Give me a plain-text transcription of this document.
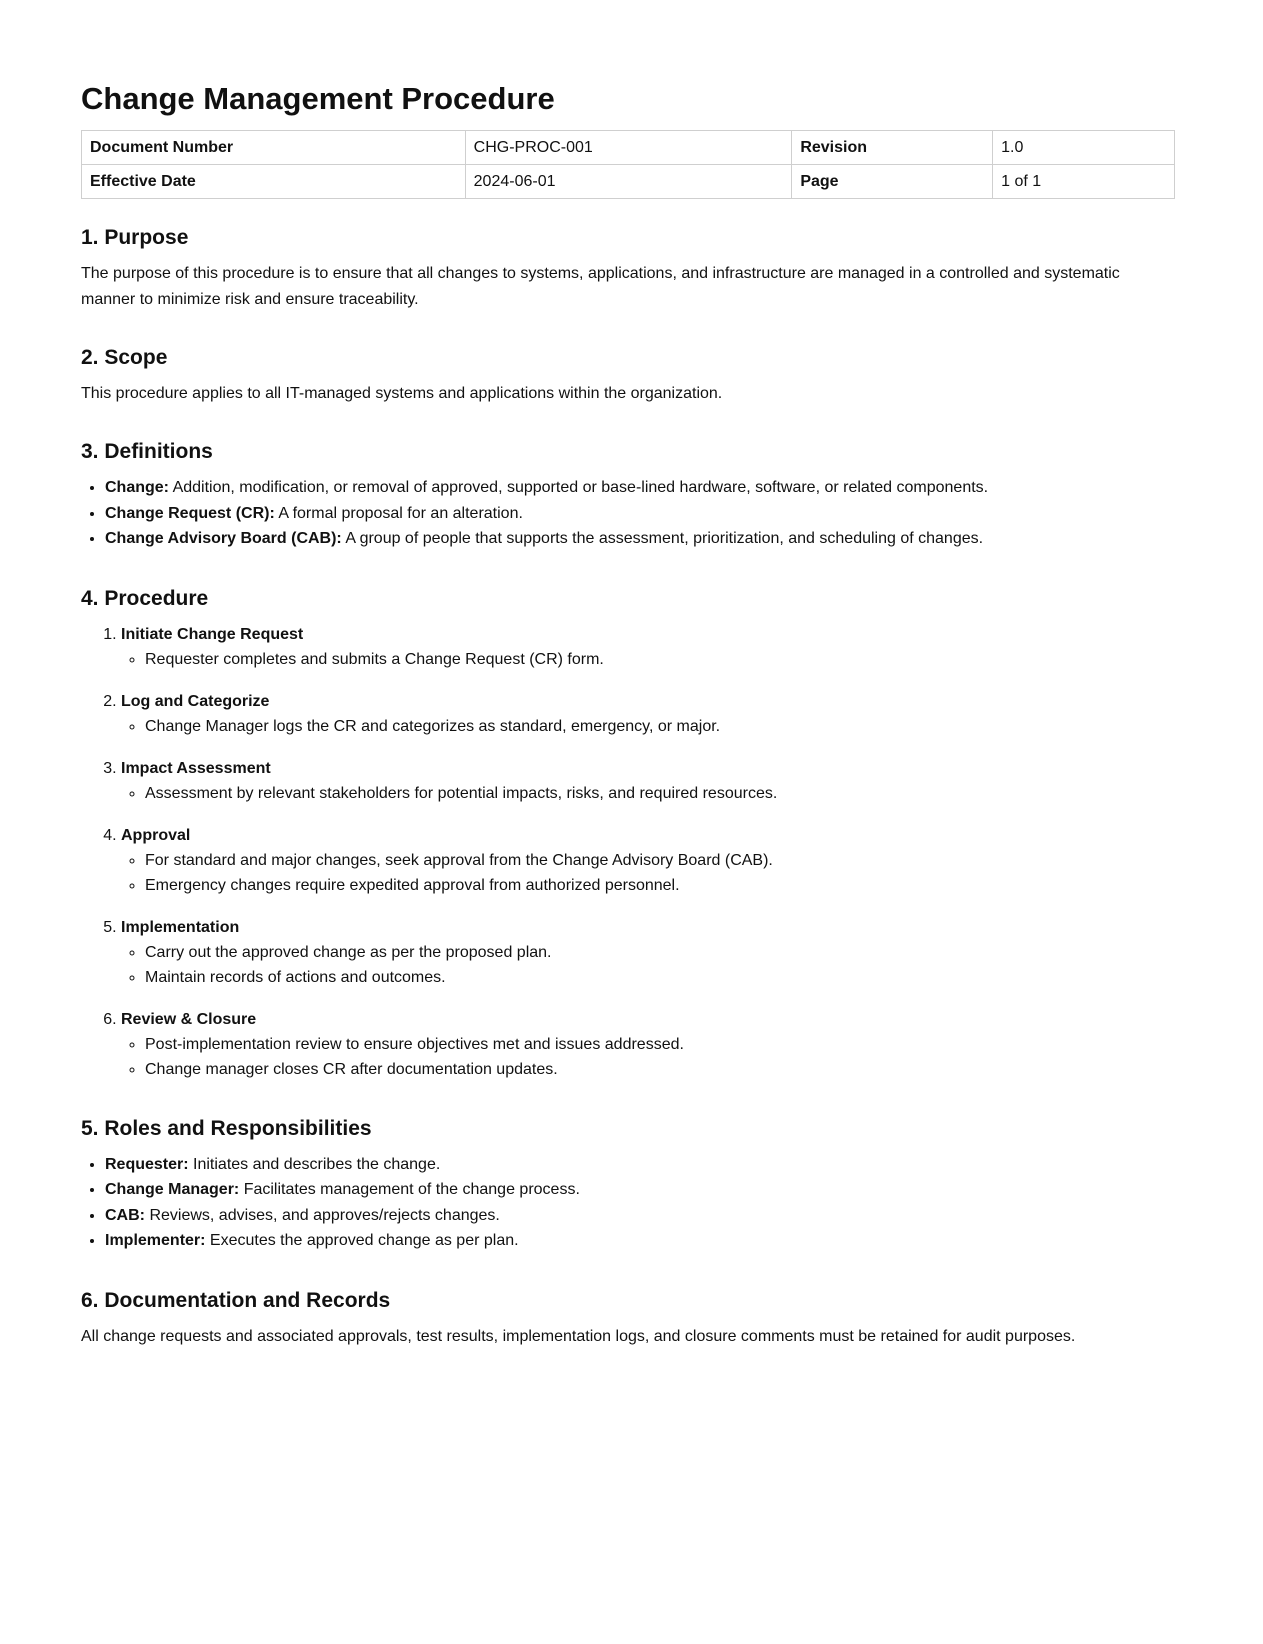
Change Management Procedure
Document Number	CHG-PROC-001	Revision	1.0
Effective Date	2024-06-01	Page	1 of 1
1. Purpose

The purpose of this procedure is to ensure that all changes to systems, applications, and infrastructure are managed in a controlled and systematic manner to minimize risk and ensure traceability.

2. Scope

This procedure applies to all IT-managed systems and applications within the organization.

3. Definitions
• Change: Addition, modification, or removal of approved, supported or base-lined hardware, software, or related components.
• Change Request (CR): A formal proposal for an alteration.
• Change Advisory Board (CAB): A group of people that supports the assessment, prioritization, and scheduling of changes.
4. Procedure
1. Initiate Change Request
◦ Requester completes and submits a Change Request (CR) form.
2. Log and Categorize
◦ Change Manager logs the CR and categorizes as standard, emergency, or major.
3. Impact Assessment
◦ Assessment by relevant stakeholders for potential impacts, risks, and required resources.
4. Approval
◦ For standard and major changes, seek approval from the Change Advisory Board (CAB).
◦ Emergency changes require expedited approval from authorized personnel.
5. Implementation
◦ Carry out the approved change as per the proposed plan.
◦ Maintain records of actions and outcomes.
6. Review & Closure
◦ Post-implementation review to ensure objectives met and issues addressed.
◦ Change manager closes CR after documentation updates.
5. Roles and Responsibilities
• Requester: Initiates and describes the change.
• Change Manager: Facilitates management of the change process.
• CAB: Reviews, advises, and approves/rejects changes.
• Implementer: Executes the approved change as per plan.
6. Documentation and Records

All change requests and associated approvals, test results, implementation logs, and closure comments must be retained for audit purposes.
